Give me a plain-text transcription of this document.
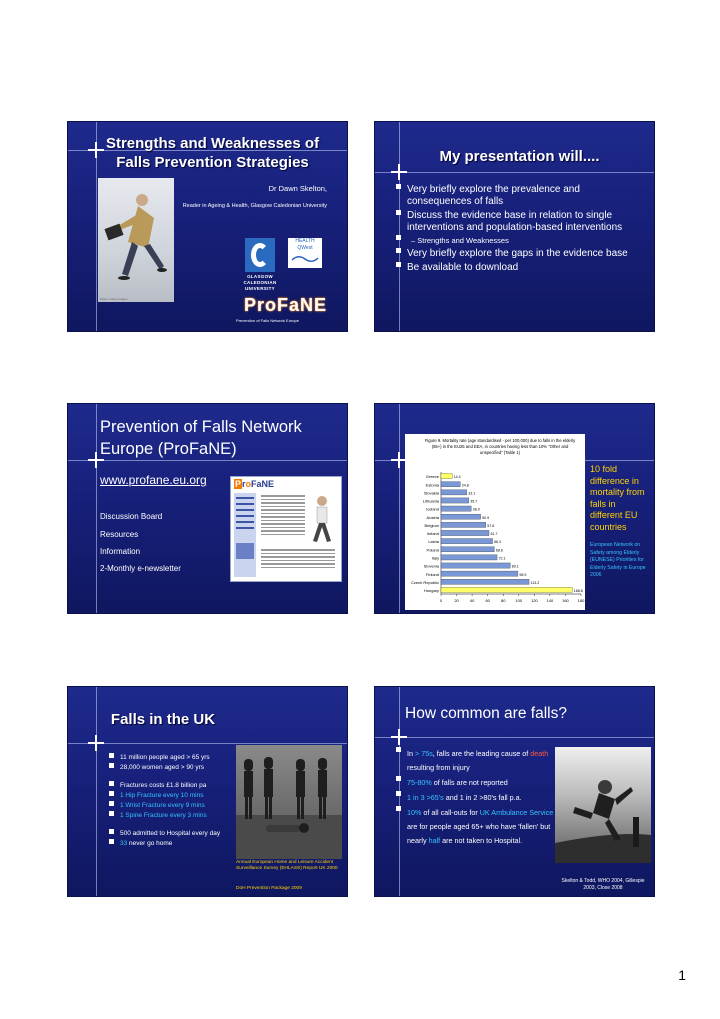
Strengths and Weaknesses of Falls Prevention Strategies
Photo: Getty Images
Dr Dawn Skelton,
Reader in Ageing & Health, Glasgow Caledonian University
GLASGOW CALEDONIAN UNIVERSITY
HEALTH QWest
ProFaNE
Prevention of Falls Network Europe
My presentation will....
Very briefly explore the prevalence and consequences of falls
Discuss the evidence base in relation to single interventions and population-based interventions
– Strengths and Weaknesses
Very briefly explore the gaps in the evidence base
Be available to download
Prevention of Falls Network Europe (ProFaNE)
www.profane.eu.org
Discussion Board
Resources
Information
2-Monthly e-newsletter
ProFaNE
Figure 9. Mortality rate (age standardised - per 100,000) due to falls in the elderly (65+) in the EU25 and EEA, in countries having less than 10% "Other and unspecified" (Table 1)
0	20	40	60	80 100 120 140 160 180
Greece	14.4
Estonia	24.8
Slovakia	33.1
Lithuania	35.7
Iceland	38.9
Austria	50.9
Belgium	57.6
Ireland	61.7
Latvia	66.3
Poland	68.6
Italy	72.1
Slovenia	89.1
Finland	98.9
Czech Republic	113.2
Hungary	168.8
10 fold difference in mortality from falls in different EU countries
European Network on Safety among Elderly (EUNESE) Priorities for Elderly Safety in Europe 2006
Falls in the UK
11 million people aged > 65 yrs
28,000 women aged > 90 yrs
Fractures costs £1.8 billion pa
1 Hip Fracture every 10 mins
1 Wrist Fracture every 9 mins
1 Spine Fracture every 3 mins
500 admitted to Hospital every day
33 never go home
Annual European Home and Leisure Accident Surveillance Survey (EHLASS) Report UK 2000
DoH Prevention Package 2009
How common are falls?
In > 75s, falls are the leading cause of death resulting from injury
75-80% of falls are not reported
1 in 3 >65's and 1 in 2 >80's fall p.a.
10% of all call-outs for UK Ambulance Service are for people aged 65+ who have 'fallen' but nearly half are not taken to Hospital.
Skelton & Todd, WHO 2004, Gillespie 2003, Close 2008
1
